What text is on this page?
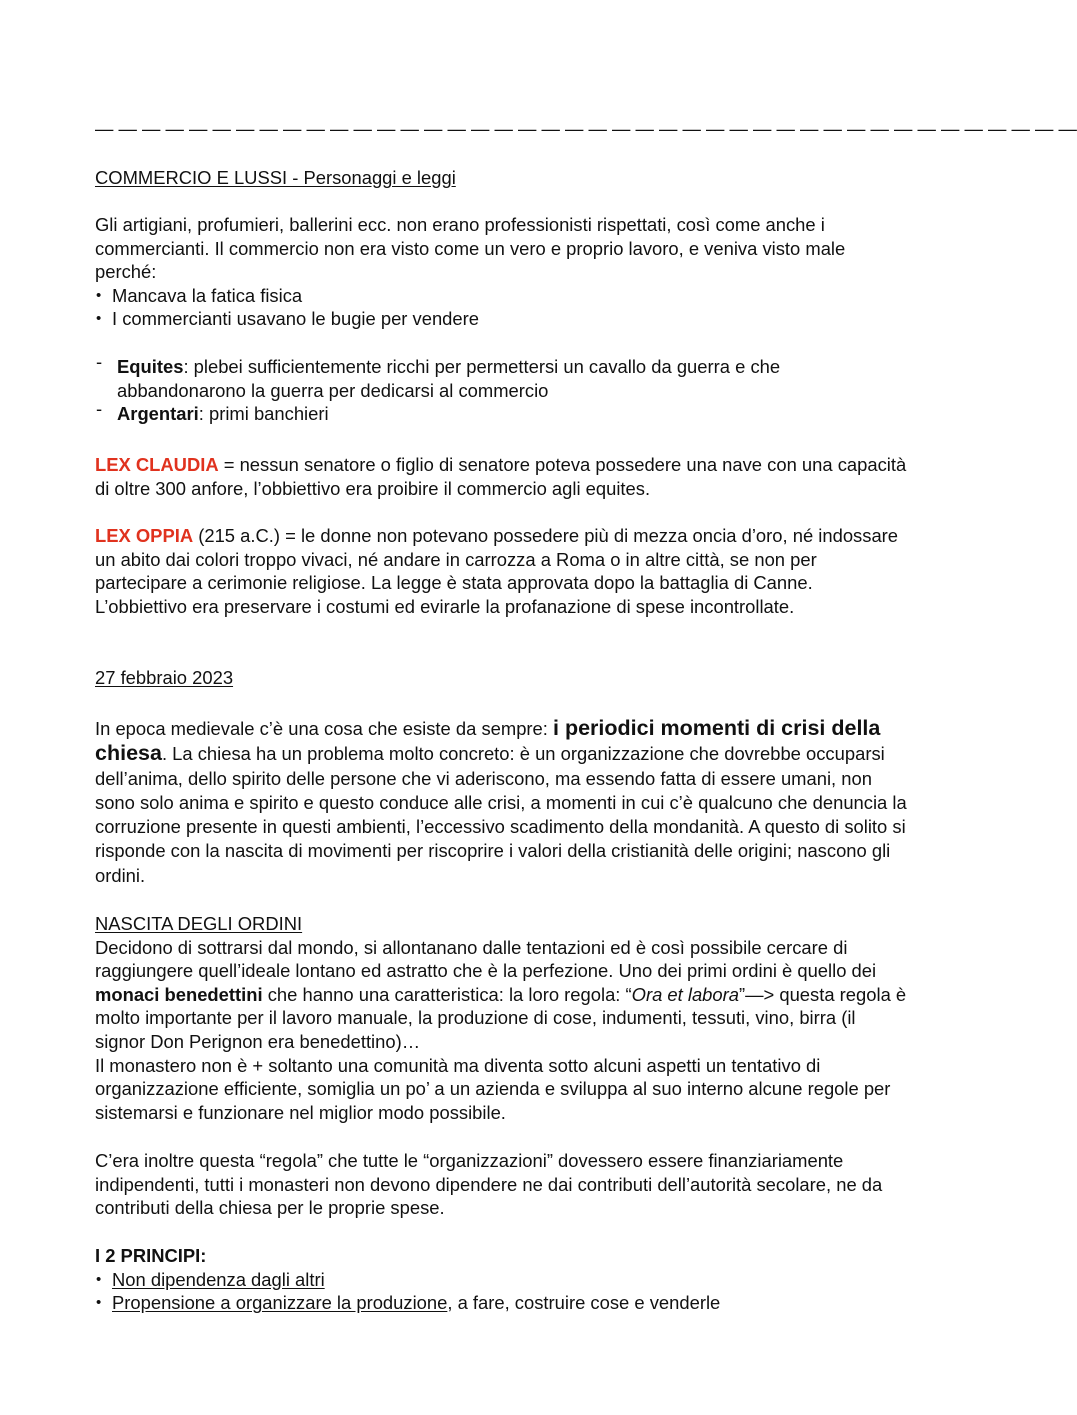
— — — — — — — — — — — — — — — — — — — — — — — — — — — — — — — — — — — — — — — — — —

COMMERCIO E LUSSI - Personaggi e leggi

Gli artigiani, profumieri, ballerini ecc. non erano professionisti rispettati, così come anche i commercianti. Il commercio non era visto come un vero e proprio lavoro, e veniva visto male perché:

• Mancava la fatica fisica
• I commercianti usavano le bugie per vendere
- Equites: plebei sufficientemente ricchi per permettersi un cavallo da guerra e che abbandonarono la guerra per dedicarsi al commercio
- Argentari: primi banchieri

LEX CLAUDIA = nessun senatore o figlio di senatore poteva possedere una nave con una capacità di oltre 300 anfore, l’obbiettivo era proibire il commercio agli equites.

LEX OPPIA (215 a.C.) = le donne non potevano possedere più di mezza oncia d’oro, né indossare un abito dai colori troppo vivaci, né andare in carrozza a Roma o in altre città, se non per partecipare a cerimonie religiose. La legge è stata approvata dopo la battaglia di Canne. L’obbiettivo era preservare i costumi ed evirarle la profanazione di spese incontrollate.

27 febbraio 2023

In epoca medievale c’è una cosa che esiste da sempre: i periodici momenti di crisi della chiesa. La chiesa ha un problema molto concreto: è un organizzazione che dovrebbe occuparsi dell’anima, dello spirito delle persone che vi aderiscono, ma essendo fatta di essere umani, non sono solo anima e spirito e questo conduce alle crisi, a momenti in cui c’è qualcuno che denuncia la corruzione presente in questi ambienti, l’eccessivo scadimento della mondanità. A questo di solito si risponde con la nascita di movimenti per riscoprire i valori della cristianità delle origini; nascono gli ordini.

NASCITA DEGLI ORDINI

Decidono di sottrarsi dal mondo, si allontanano dalle tentazioni ed è così possibile cercare di raggiungere quell’ideale lontano ed astratto che è la perfezione. Uno dei primi ordini è quello dei monaci benedettini che hanno una caratteristica: la loro regola: “Ora et labora”—> questa regola è molto importante per il lavoro manuale, la produzione di cose, indumenti, tessuti, vino, birra (il signor Don Perignon era benedettino)…

Il monastero non è + soltanto una comunità ma diventa sotto alcuni aspetti un tentativo di organizzazione efficiente, somiglia un po’ a un azienda e sviluppa al suo interno alcune regole per sistemarsi e funzionare nel miglior modo possibile.

C’era inoltre questa “regola” che tutte le “organizzazioni” dovessero essere finanziariamente indipendenti, tutti i monasteri non devono dipendere ne dai contributi dell’autorità secolare, ne da contributi della chiesa per le proprie spese.

I 2 PRINCIPI:

• Non dipendenza dagli altri
• Propensione a organizzare la produzione, a fare, costruire cose e venderle
